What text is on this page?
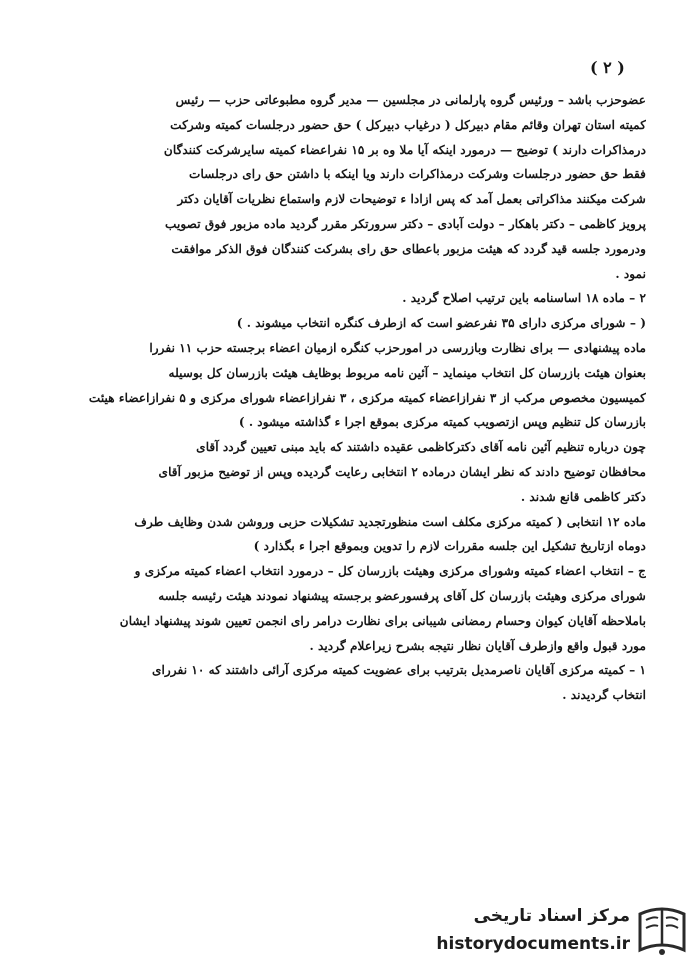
( ۲ )
عضوحزب باشد – ورئیس گروه پارلمانی در مجلسین — مدیر گروه مطبوعاتی حزب — رئیس
کمیته استان تهران وقائم مقام دبیرکل ( درغیاب دبیرکل ) حق حضور درجلسات کمیته وشرکت
درمذاکرات دارند ) توضیح — درمورد اینکه آیا ملا وه بر ۱۵ نفراعضاء کمیته سایرشرکت کنندگان
فقط حق حضور درجلسات وشرکت درمذاکرات دارند ویا اینکه با داشتن حق رای درجلسات
شرکت میکنند مذاکراتی بعمل آمد که پس ازادا ء توضیحات لازم واستماع نظریات آقایان دکتر
پرویز کاظمی – دکتر باهکار – دولت آبادی – دکتر سرورتکر مقرر گردید ماده مزبور فوق تصویب
ودرمورد جلسه قید گردد که هیئت مزبور باعطای حق رای بشرکت کنندگان فوق الذکر موافقت
نمود .
۲ – ماده ۱۸ اساسنامه باین ترتیب اصلاح گردید .
( – شورای مرکزی دارای ۳۵ نفرعضو است که ازطرف کنگره انتخاب میشوند . )
ماده پیشنهادی — برای نظارت وبازرسی در امورحزب کنگره ازمیان اعضاء برجسته حزب ۱۱ نفررا
بعنوان هیئت بازرسان کل انتخاب مینماید – آئین نامه مربوط بوظایف هیئت بازرسان کل بوسیله
کمیسیون مخصوص مرکب از ۳ نفرازاعضاء کمیته مرکزی ، ۳ نفرازاعضاء شورای مرکزی و ۵ نفرازاعضاء هیئت
بازرسان کل تنظیم وپس ازتصویب کمیته مرکزی بموقع اجرا ء گذاشته میشود . )
چون درباره تنظیم آئین نامه آقای دکترکاظمی عقیده داشتند که باید مبنی تعیین گردد آقای
محافظان توضیح دادند که نظر ایشان درماده ۲ انتخابی رعایت گردیده وپس از توضیح مزبور آقای
دکتر کاظمی قانع شدند .
ماده ۱۲ انتخابی ( کمیته مرکزی مکلف است منظورتجدید تشکیلات حزبی وروشن شدن وظایف طرف
دوماه ازتاریخ تشکیل این جلسه مقررات لازم را تدوین وبموقع اجرا ء بگذارد )
ج – انتخاب اعضاء کمیته وشورای مرکزی وهیئت بازرسان کل – درمورد انتخاب اعضاء کمیته مرکزی و
شورای مرکزی وهیئت بازرسان کل آقای پرفسورعضو برجسته پیشنهاد نمودند هیئت رئیسه جلسه
باملاحظه آقایان کیوان وحسام رمضانی شیبانی برای نظارت درامر رای انجمن تعیین شوند پیشنهاد ایشان
مورد قبول واقع وازطرف آقایان نظار نتیجه بشرح زیراعلام گردید .
۱ – کمیته مرکزی آقایان ناصرمدیل بترتیب برای عضویت کمیته مرکزی آرائی داشتند که ۱۰ نفررای
انتخاب گردیدند .
مرکز اسناد تاریخی
historydocuments.ir
